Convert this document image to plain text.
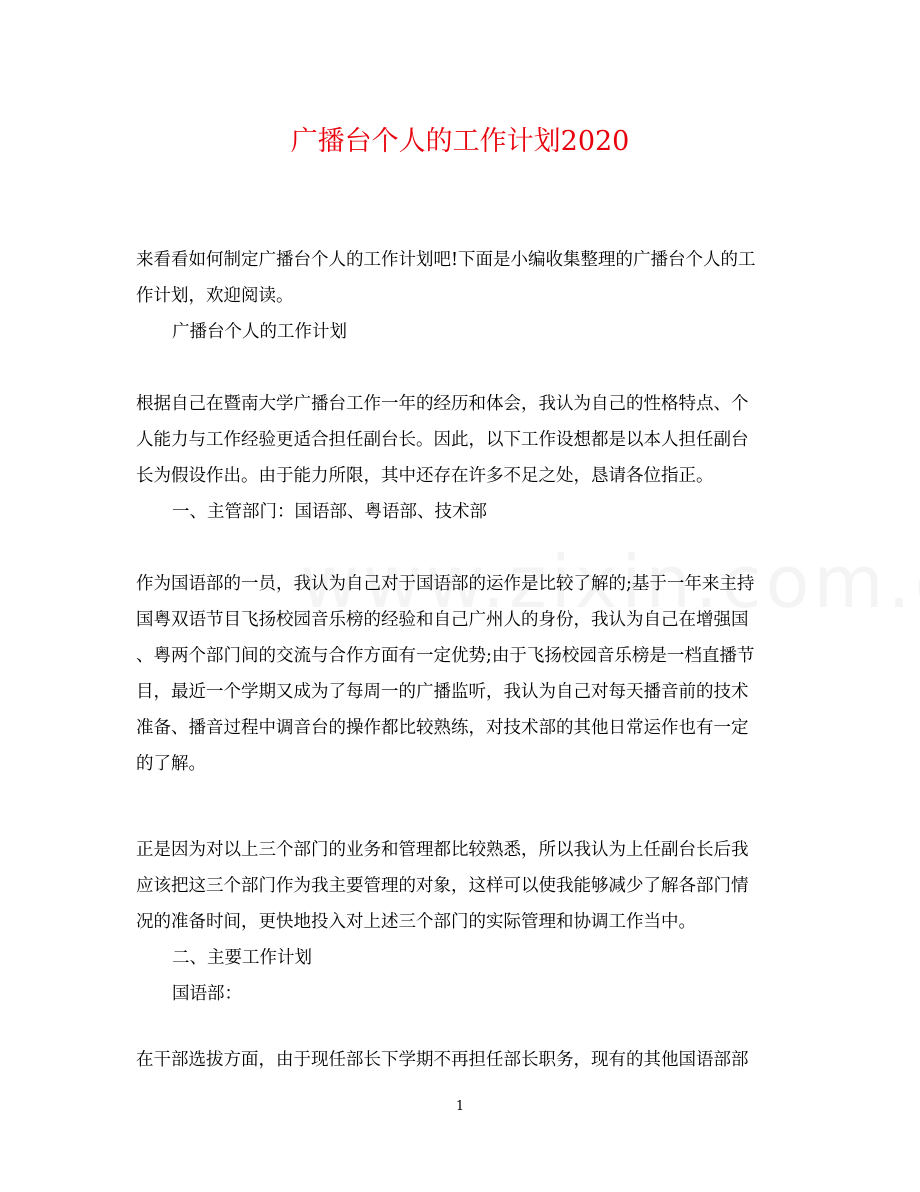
广播台个人的工作计划2020
来看看如何制定广播台个人的工作计划吧!下面是小编收集整理的广播台个人的工
作计划，欢迎阅读。
广播台个人的工作计划
根据自己在暨南大学广播台工作一年的经历和体会，我认为自己的性格特点、个
人能力与工作经验更适合担任副台长。因此，以下工作设想都是以本人担任副台
长为假设作出。由于能力所限，其中还存在许多不足之处，恳请各位指正。
一、主管部门：国语部、粤语部、技术部
作为国语部的一员，我认为自己对于国语部的运作是比较了解的;基于一年来主持
国粤双语节目飞扬校园音乐榜的经验和自己广州人的身份，我认为自己在增强国
、粤两个部门间的交流与合作方面有一定优势;由于飞扬校园音乐榜是一档直播节
目，最近一个学期又成为了每周一的广播监听，我认为自己对每天播音前的技术
准备、播音过程中调音台的操作都比较熟练，对技术部的其他日常运作也有一定
的了解。
正是因为对以上三个部门的业务和管理都比较熟悉，所以我认为上任副台长后我
应该把这三个部门作为我主要管理的对象，这样可以使我能够减少了解各部门情
况的准备时间，更快地投入对上述三个部门的实际管理和协调工作当中。
二、主要工作计划
国语部：
在干部选拔方面，由于现任部长下学期不再担任部长职务，现有的其他国语部部
1
